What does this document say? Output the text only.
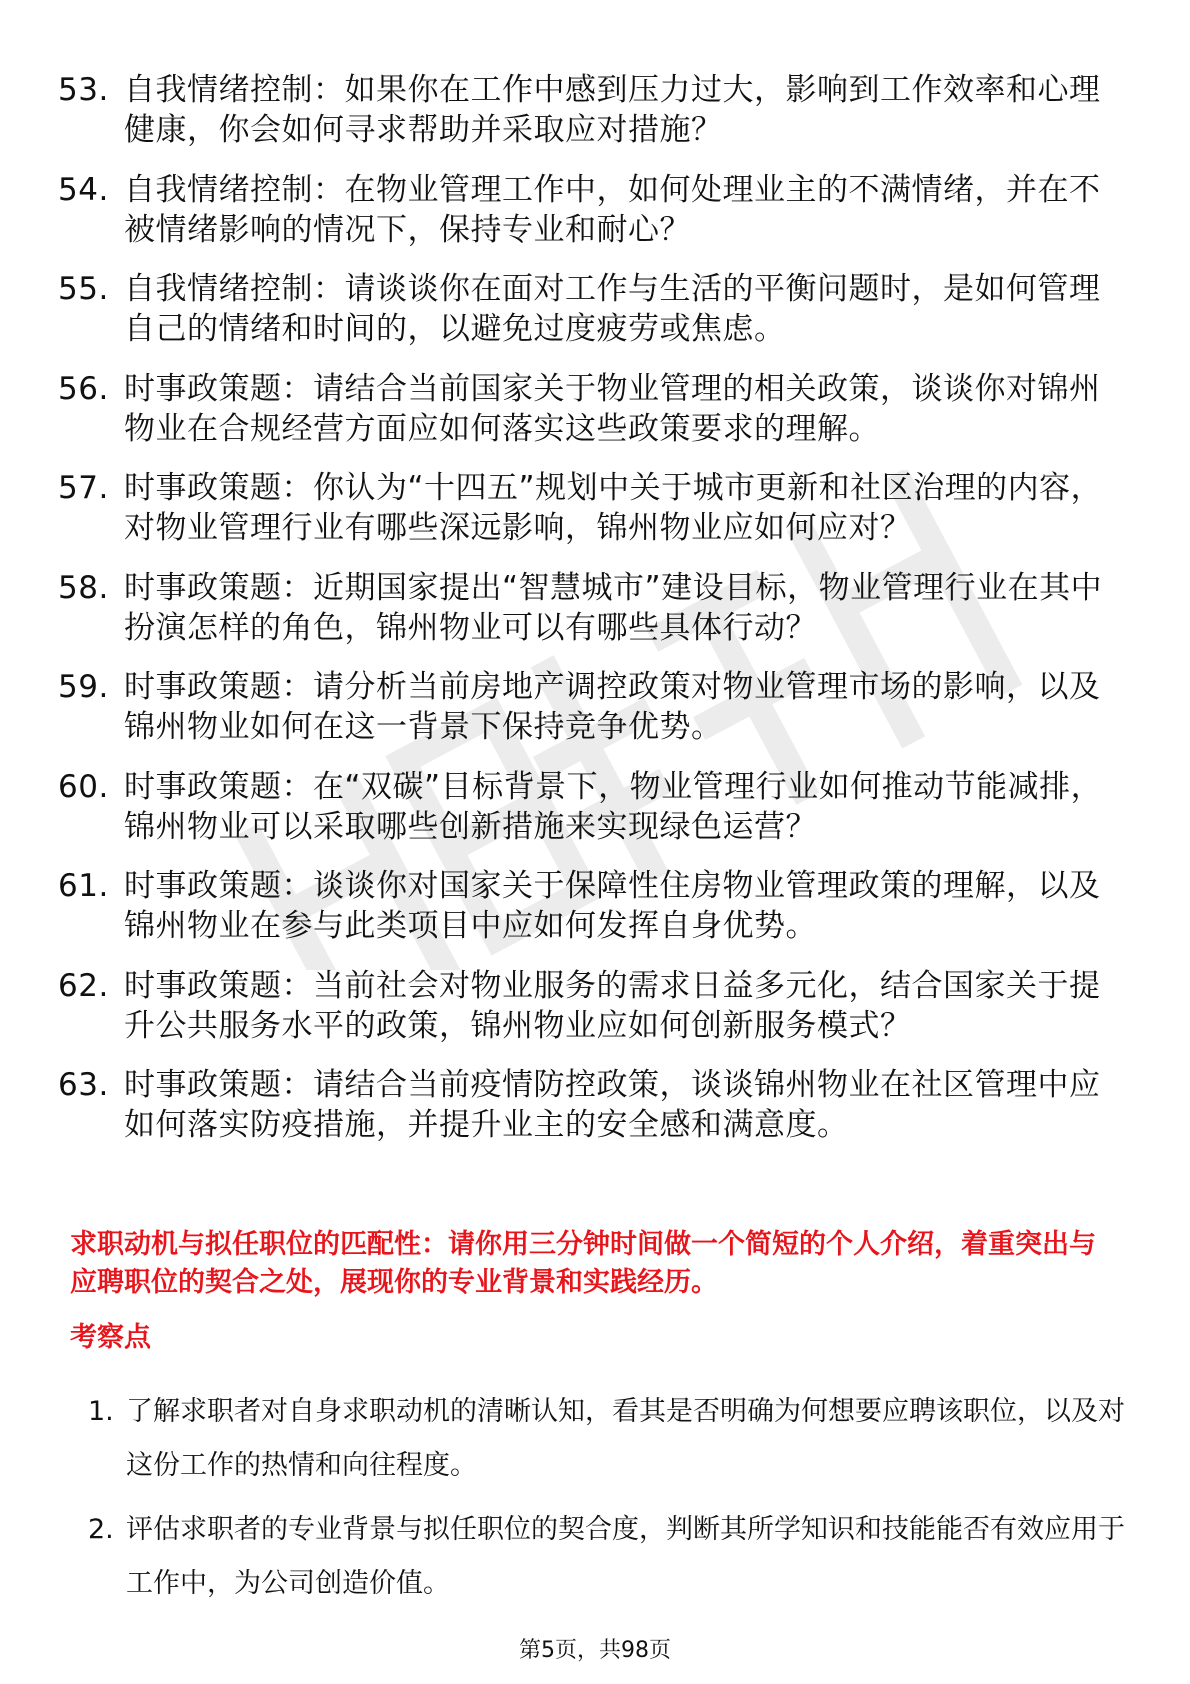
53. 自我情绪控制：如果你在工作中感到压力过大，影响到工作效率和心理健康，你会如何寻求帮助并采取应对措施？
54. 自我情绪控制：在物业管理工作中，如何处理业主的不满情绪，并在不被情绪影响的情况下，保持专业和耐心？
55. 自我情绪控制：请谈谈你在面对工作与生活的平衡问题时，是如何管理自己的情绪和时间的，以避免过度疲劳或焦虑。
56. 时事政策题：请结合当前国家关于物业管理的相关政策，谈谈你对锦州物业在合规经营方面应如何落实这些政策要求的理解。
57. 时事政策题：你认为“十四五”规划中关于城市更新和社区治理的内容，对物业管理行业有哪些深远影响，锦州物业应如何应对？
58. 时事政策题：近期国家提出“智慧城市”建设目标，物业管理行业在其中扮演怎样的角色，锦州物业可以有哪些具体行动？
59. 时事政策题：请分析当前房地产调控政策对物业管理市场的影响，以及锦州物业如何在这一背景下保持竞争优势。
60. 时事政策题：在“双碳”目标背景下，物业管理行业如何推动节能减排，锦州物业可以采取哪些创新措施来实现绿色运营？
61. 时事政策题：谈谈你对国家关于保障性住房物业管理政策的理解，以及锦州物业在参与此类项目中应如何发挥自身优势。
62. 时事政策题：当前社会对物业服务的需求日益多元化，结合国家关于提升公共服务水平的政策，锦州物业应如何创新服务模式？
63. 时事政策题：请结合当前疫情防控政策，谈谈锦州物业在社区管理中应如何落实防疫措施，并提升业主的安全感和满意度。

求职动机与拟任职位的匹配性：请你用三分钟时间做一个简短的个人介绍，着重突出与应聘职位的契合之处，展现你的专业背景和实践经历。

考察点

1. 了解求职者对自身求职动机的清晰认知，看其是否明确为何想要应聘该职位，以及对这份工作的热情和向往程度。
2. 评估求职者的专业背景与拟任职位的契合度，判断其所学知识和技能能否有效应用于工作中，为公司创造价值。
第5页，共98页
